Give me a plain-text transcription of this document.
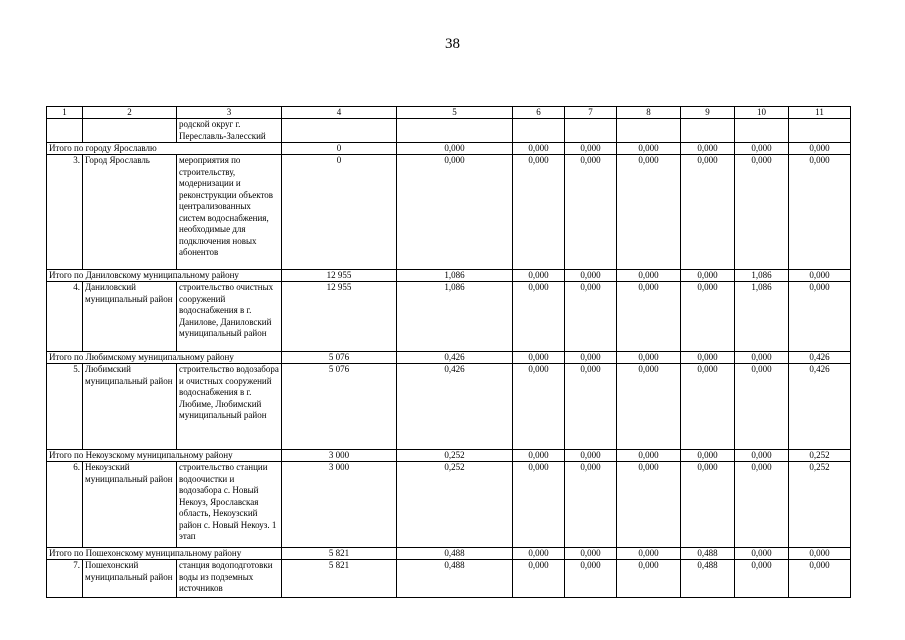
38
1	2	3	4	5	6	7	8	9	10	11
		родской округ г. Переславль-Залесский								
Итого по городу Ярославлю			0	0,000	0,000	0,000	0,000	0,000	0,000	0,000
3.	Город Ярославль	мероприятия по строительству, модернизации и реконструкции объектов централизованных систем водоснабжения, необходимые для подключения новых абонентов	0	0,000	0,000	0,000	0,000	0,000	0,000	0,000
Итого по Даниловскому муниципальному району			12 955	1,086	0,000	0,000	0,000	0,000	1,086	0,000
4.	Даниловский муниципальный район	строительство очистных сооружений водоснабжения в г. Данилове, Даниловский муниципальный район	12 955	1,086	0,000	0,000	0,000	0,000	1,086	0,000
Итого по Любимскому муниципальному району			5 076	0,426	0,000	0,000	0,000	0,000	0,000	0,426
5.	Любимский муниципальный район	строительство водозабора и очистных сооружений водоснабжения в г. Любиме, Любимский муниципальный район	5 076	0,426	0,000	0,000	0,000	0,000	0,000	0,426
Итого по Некоузскому муниципальному району			3 000	0,252	0,000	0,000	0,000	0,000	0,000	0,252
6.	Некоузский муниципальный район	строительство станции водоочистки и водозабора с. Новый Некоуз, Ярославская область, Некоузский район с. Новый Некоуз. 1 этап	3 000	0,252	0,000	0,000	0,000	0,000	0,000	0,252
Итого по Пошехонскому муниципальному району			5 821	0,488	0,000	0,000	0,000	0,488	0,000	0,000
7.	Пошехонский муниципальный район	станция водоподготовки воды из подземных источников	5 821	0,488	0,000	0,000	0,000	0,488	0,000	0,000
